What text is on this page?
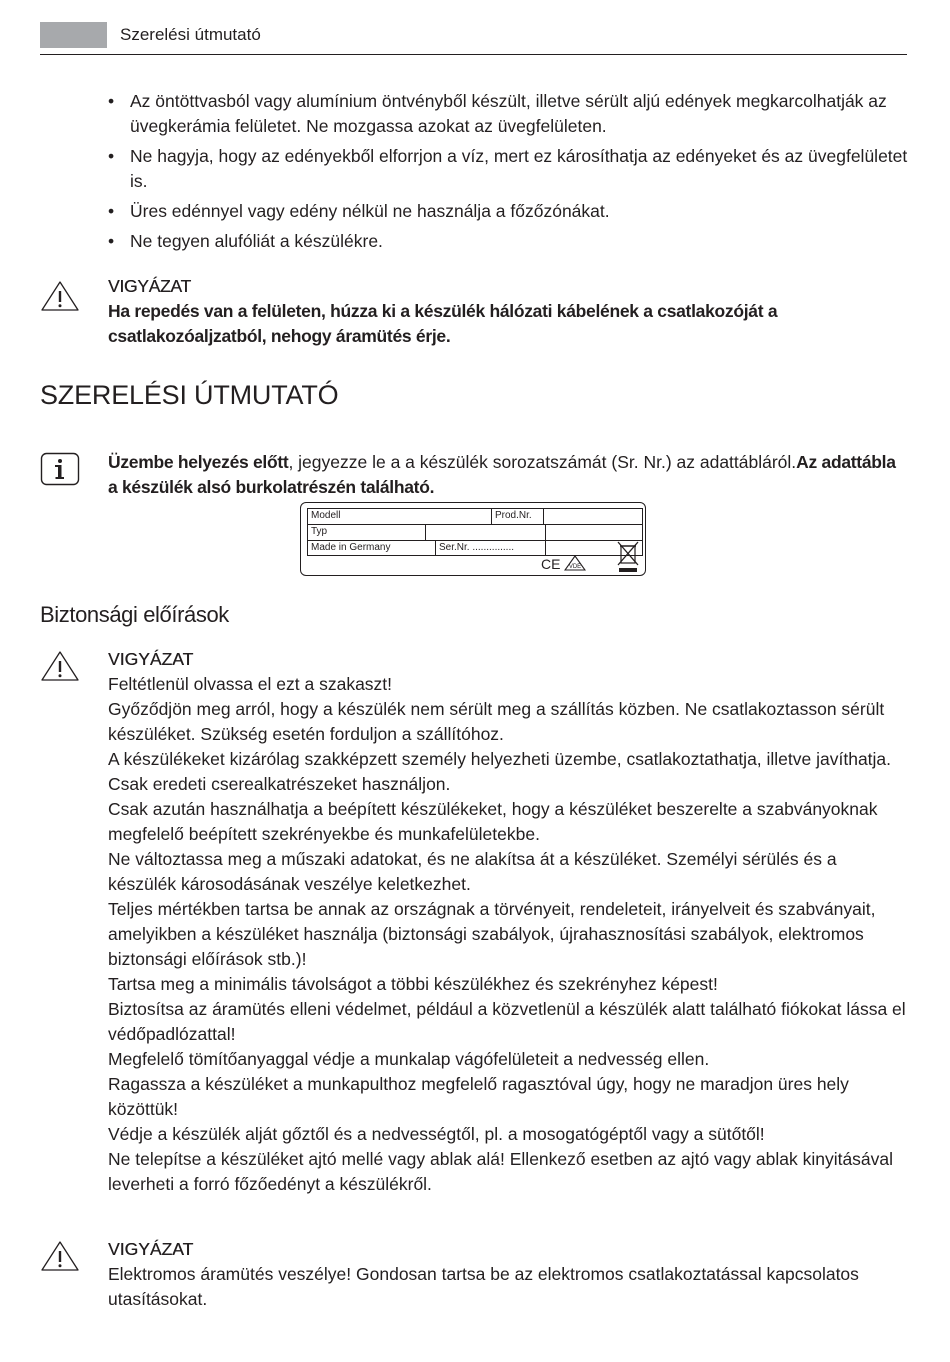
Szerelési útmutató
• Az öntöttvasból vagy alumínium öntvényből készült, illetve sérült aljú edények megkarcolhatják az üvegkerámia felületet. Ne mozgassa azokat az üvegfelületen.
• Ne hagyja, hogy az edényekből elforrjon a víz, mert ez károsíthatja az edényeket és az üvegfelületet is.
• Üres edénnyel vagy edény nélkül ne használja a főzőzónákat.
• Ne tegyen alufóliát a készülékre.
VIGYÁZAT
Ha repedés van a felületen, húzza ki a készülék hálózati kábelének a csatlakozóját a csatlakozóaljzatból, nehogy áramütés érje.
SZERELÉSI ÚTMUTATÓ
Üzembe helyezés előtt, jegyezze le a a készülék sorozatszámát (Sr. Nr.) az adattábláról.Az adattábla a készülék alsó burkolatrészén található.
Modell	Prod.Nr.
Typ
Made in Germany	Ser.Nr. ...............
CE VDE
Biztonsági előírások
VIGYÁZAT
Feltétlenül olvassa el ezt a szakaszt!
Győződjön meg arról, hogy a készülék nem sérült meg a szállítás közben. Ne csatlakoztasson sérült készüléket. Szükség esetén forduljon a szállítóhoz.
A készülékeket kizárólag szakképzett személy helyezheti üzembe, csatlakoztathatja, illetve javíthatja. Csak eredeti cserealkatrészeket használjon.
Csak azután használhatja a beépített készülékeket, hogy a készüléket beszerelte a szabványoknak megfelelő beépített szekrényekbe és munkafelületekbe.
Ne változtassa meg a műszaki adatokat, és ne alakítsa át a készüléket. Személyi sérülés és a készülék károsodásának veszélye keletkezhet.
Teljes mértékben tartsa be annak az országnak a törvényeit, rendeleteit, irányelveit és szabványait, amelyikben a készüléket használja (biztonsági szabályok, újrahasznosítási szabályok, elektromos biztonsági előírások stb.)!
Tartsa meg a minimális távolságot a többi készülékhez és szekrényhez képest!
Biztosítsa az áramütés elleni védelmet, például a közvetlenül a készülék alatt található fiókokat lássa el védőpadlózattal!
Megfelelő tömítőanyaggal védje a munkalap vágófelületeit a nedvesség ellen.
Ragassza a készüléket a munkapulthoz megfelelő ragasztóval úgy, hogy ne maradjon üres hely közöttük!
Védje a készülék alját gőztől és a nedvességtől, pl. a mosogatógéptől vagy a sütőtől!
Ne telepítse a készüléket ajtó mellé vagy ablak alá! Ellenkező esetben az ajtó vagy ablak kinyitásával leverheti a forró főzőedényt a készülékről.
VIGYÁZAT
Elektromos áramütés veszélye! Gondosan tartsa be az elektromos csatlakoztatással kapcsolatos utasításokat.
